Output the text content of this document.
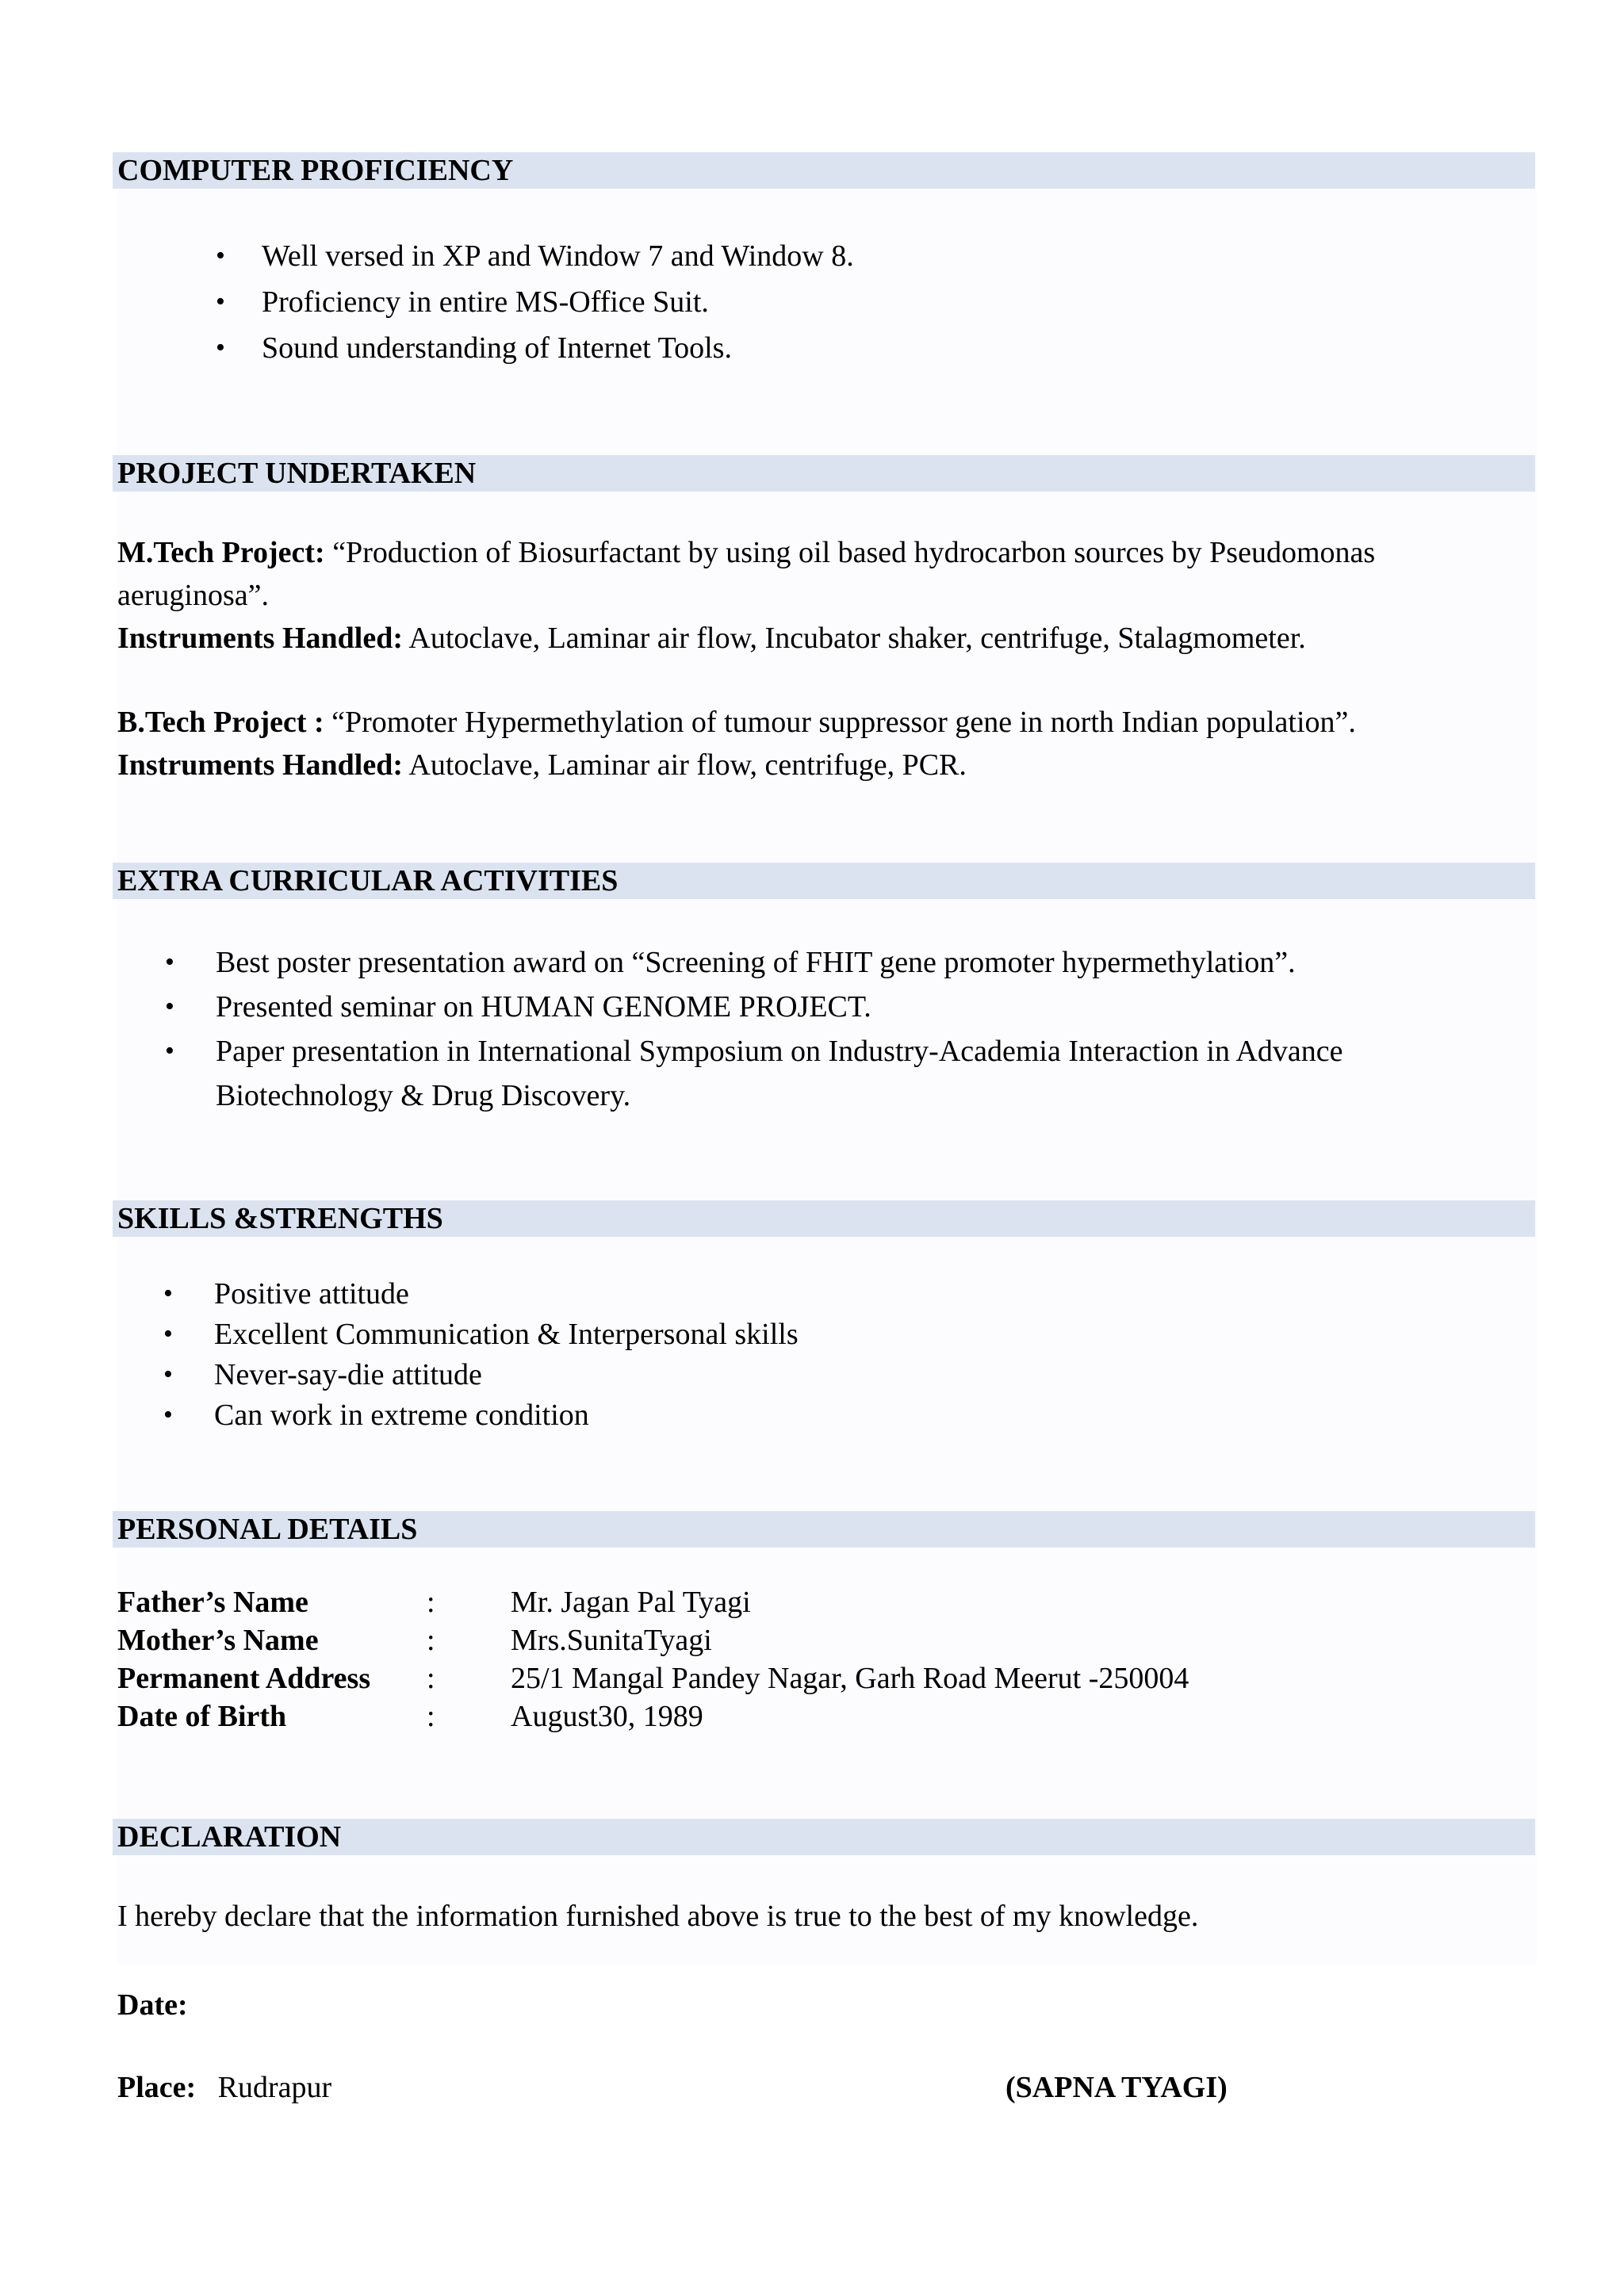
COMPUTER PROFICIENCY
• Well versed in XP and Window 7 and Window 8.
• Proficiency in entire MS-Office Suit.
• Sound understanding of Internet Tools.
PROJECT UNDERTAKEN
M.Tech Project: “Production of Biosurfactant by using oil based hydrocarbon sources by Pseudomonas
aeruginosa”.
Instruments Handled: Autoclave, Laminar air flow, Incubator shaker, centrifuge, Stalagmometer.
B.Tech Project : “Promoter Hypermethylation of tumour suppressor gene in north Indian population”.
Instruments Handled: Autoclave, Laminar air flow, centrifuge, PCR.
EXTRA CURRICULAR ACTIVITIES
• Best poster presentation award on “Screening of FHIT gene promoter hypermethylation”.
• Presented seminar on HUMAN GENOME PROJECT.
• Paper presentation in International Symposium on Industry-Academia Interaction in Advance
Biotechnology & Drug Discovery.
SKILLS &STRENGTHS
• Positive attitude
• Excellent Communication & Interpersonal skills
• Never-say-die attitude
• Can work in extreme condition
PERSONAL DETAILS
Father’s Name	:	Mr. Jagan Pal Tyagi
Mother’s Name	:	Mrs.SunitaTyagi
Permanent Address :	25/1 Mangal Pandey Nagar, Garh Road Meerut -250004
Date of Birth	:	August30, 1989
DECLARATION
I hereby declare that the information furnished above is true to the best of my knowledge.
Date:
Place: Rudrapur	(SAPNA TYAGI)
